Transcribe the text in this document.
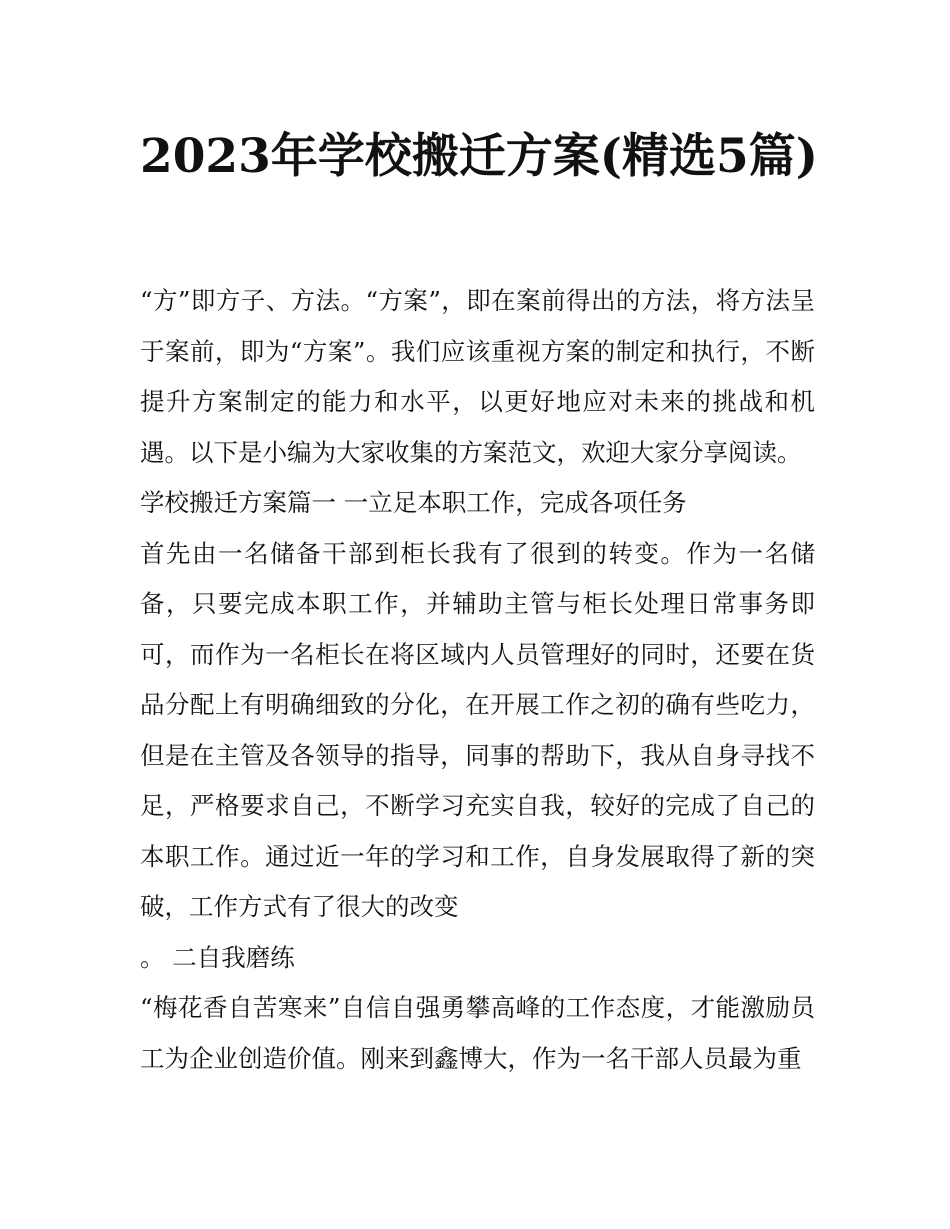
2023年学校搬迁方案(精选5篇)

“方”即方子、方法。“方案”，即在案前得出的方法，将方法呈于案前，即为“方案”。我们应该重视方案的制定和执行，不断提升方案制定的能力和水平，以更好地应对未来的挑战和机遇。以下是小编为大家收集的方案范文，欢迎大家分享阅读。

学校搬迁方案篇一 一立足本职工作，完成各项任务

首先由一名储备干部到柜长我有了很到的转变。作为一名储备，只要完成本职工作，并辅助主管与柜长处理日常事务即可，而作为一名柜长在将区域内人员管理好的同时，还要在货品分配上有明确细致的分化，在开展工作之初的确有些吃力，但是在主管及各领导的指导，同事的帮助下，我从自身寻找不足，严格要求自己，不断学习充实自我，较好的完成了自己的本职工作。通过近一年的学习和工作，自身发展取得了新的突破，工作方式有了很大的改变

。 二自我磨练

“梅花香自苦寒来”自信自强勇攀高峰的工作态度，才能激励员工为企业创造价值。刚来到鑫博大，作为一名干部人员最为重
